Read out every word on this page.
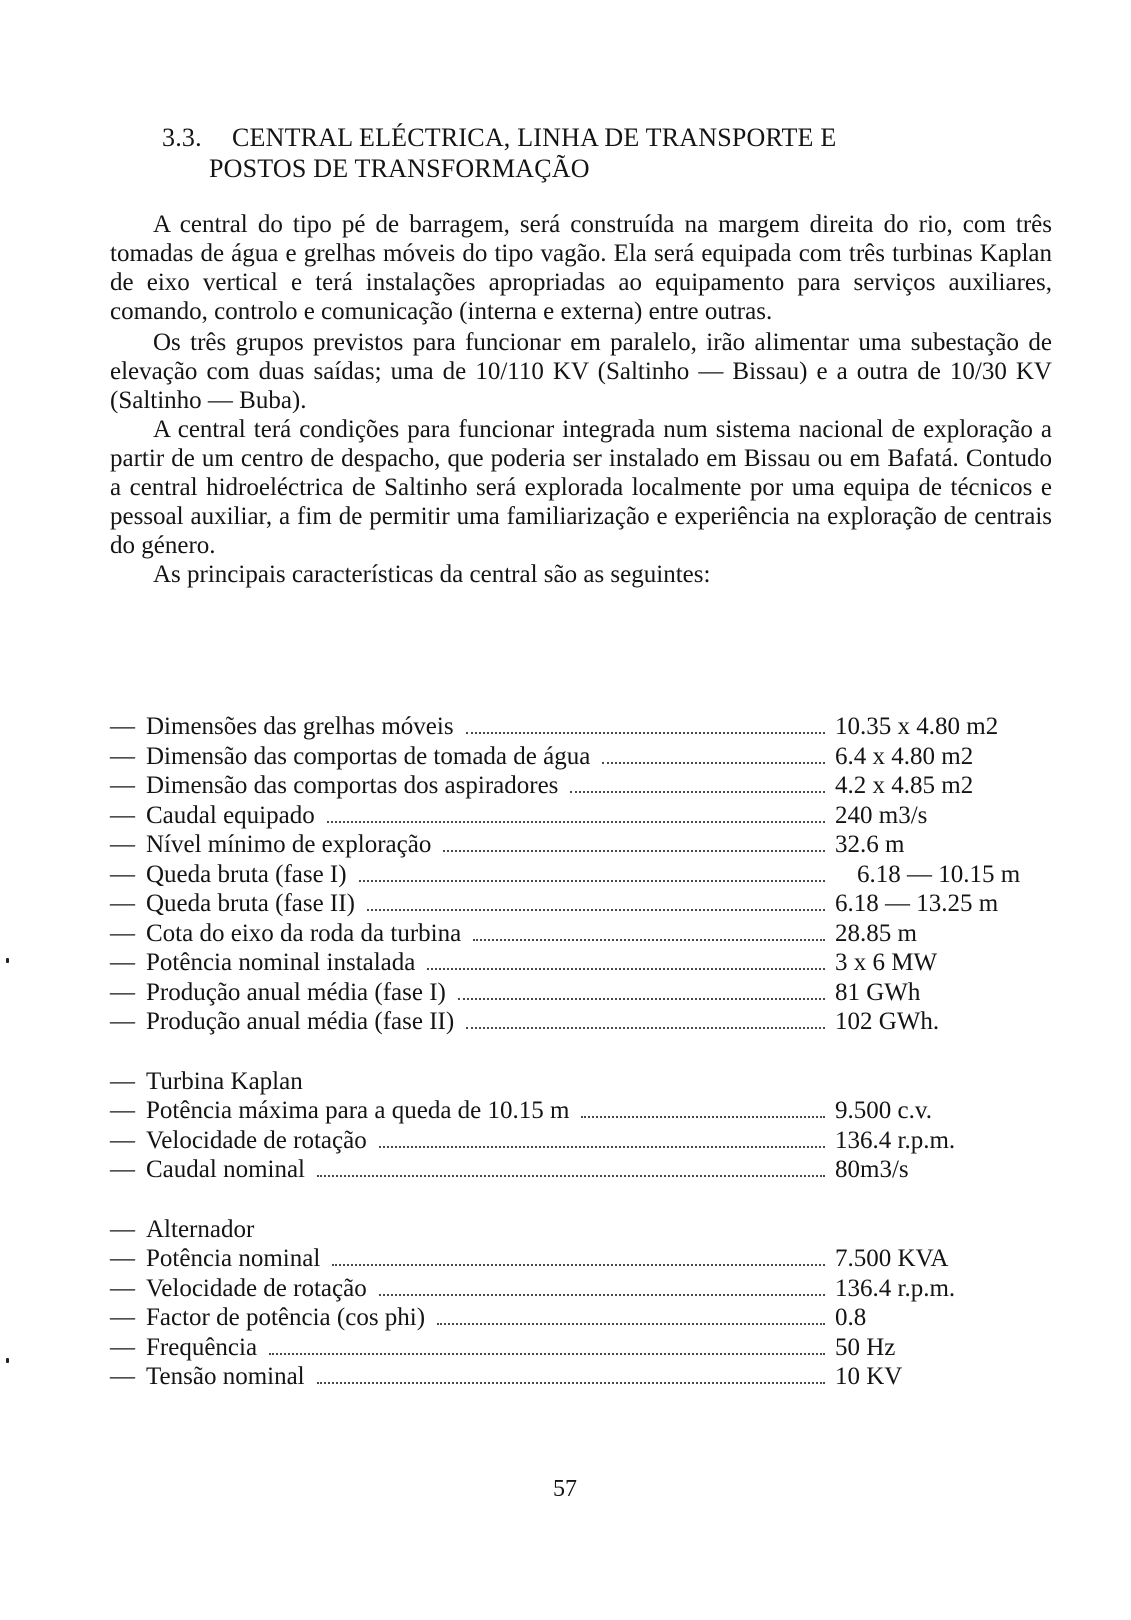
3.3. CENTRAL ELÉCTRICA, LINHA DE TRANSPORTE E
POSTOS DE TRANSFORMAÇÃO

A central do tipo pé de barragem, será construída na margem direita do rio, com três tomadas de água e grelhas móveis do tipo vagão. Ela será equipada com três turbinas Kaplan de eixo vertical e terá instalações apropriadas ao equipamento para serviços auxiliares, comando, controlo e comunicação (interna e externa) entre outras.

Os três grupos previstos para funcionar em paralelo, irão alimentar uma subestação de elevação com duas saídas; uma de 10/110 KV (Saltinho — Bissau) e a outra de 10/30 KV (Saltinho — Buba).

A central terá condições para funcionar integrada num sistema nacional de exploração a partir de um centro de despacho, que poderia ser instalado em Bissau ou em Bafatá. Contudo a central hidroeléctrica de Saltinho será explorada localmente por uma equipa de técnicos e pessoal auxiliar, a fim de permitir uma familiarização e experiência na exploração de centrais do género.

As principais características da central são as seguintes:

— Dimensões das grelhas móveis	10.35 x 4.80 m2
— Dimensão das comportas de tomada de água	6.4 x 4.80 m2
— Dimensão das comportas dos aspiradores	4.2 x 4.85 m2
— Caudal equipado	240 m3/s
— Nível mínimo de exploração	32.6 m
— Queda bruta (fase I)	6.18 — 10.15 m
— Queda bruta (fase II)	6.18 — 13.25 m
— Cota do eixo da roda da turbina	28.85 m
— Potência nominal instalada	3 x 6 MW
— Produção anual média (fase I)	81 GWh
— Produção anual média (fase II)	102 GWh.
— Turbina Kaplan
— Potência máxima para a queda de 10.15 m	9.500 c.v.
— Velocidade de rotação	136.4 r.p.m.
— Caudal nominal	80m3/s
— Alternador
— Potência nominal	7.500 KVA
— Velocidade de rotação	136.4 r.p.m.
— Factor de potência (cos phi)	0.8
— Frequência	50 Hz
— Tensão nominal	10 KV
57
